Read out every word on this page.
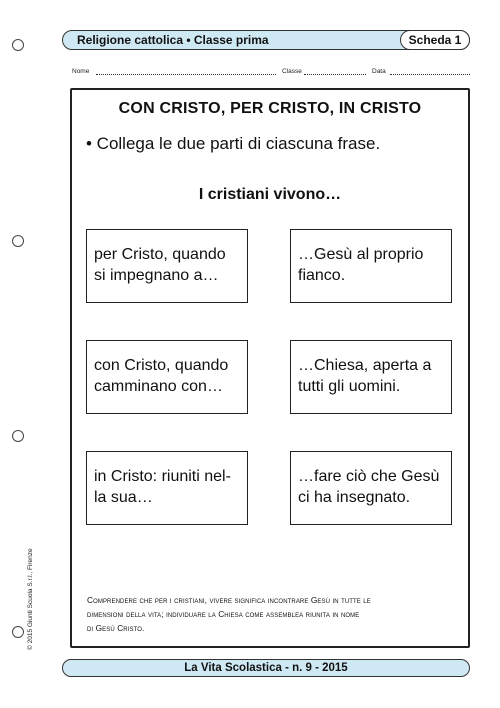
Religione cattolica • Classe prima	Scheda 1
Nome	Classe	Data
CON CRISTO, PER CRISTO, IN CRISTO
• Collega le due parti di ciascuna frase.
I cristiani vivono…
per Cristo, quando
si impegnano a…
con Cristo, quando
camminano con…
in Cristo: riuniti nel-
la sua…
…Gesù al proprio
fianco.
…Chiesa, aperta a
tutti gli uomini.
…fare ciò che Gesù
ci ha insegnato.
Comprendere che per i cristiani, vivere significa incontrare Gesù in tutte le
dimensioni della vita; individuare la Chiesa come assemblea riunita in nome
di Gesù Cristo.
© 2015 Giunti Scuola S.r.l., Firenze
La Vita Scolastica - n. 9 - 2015
